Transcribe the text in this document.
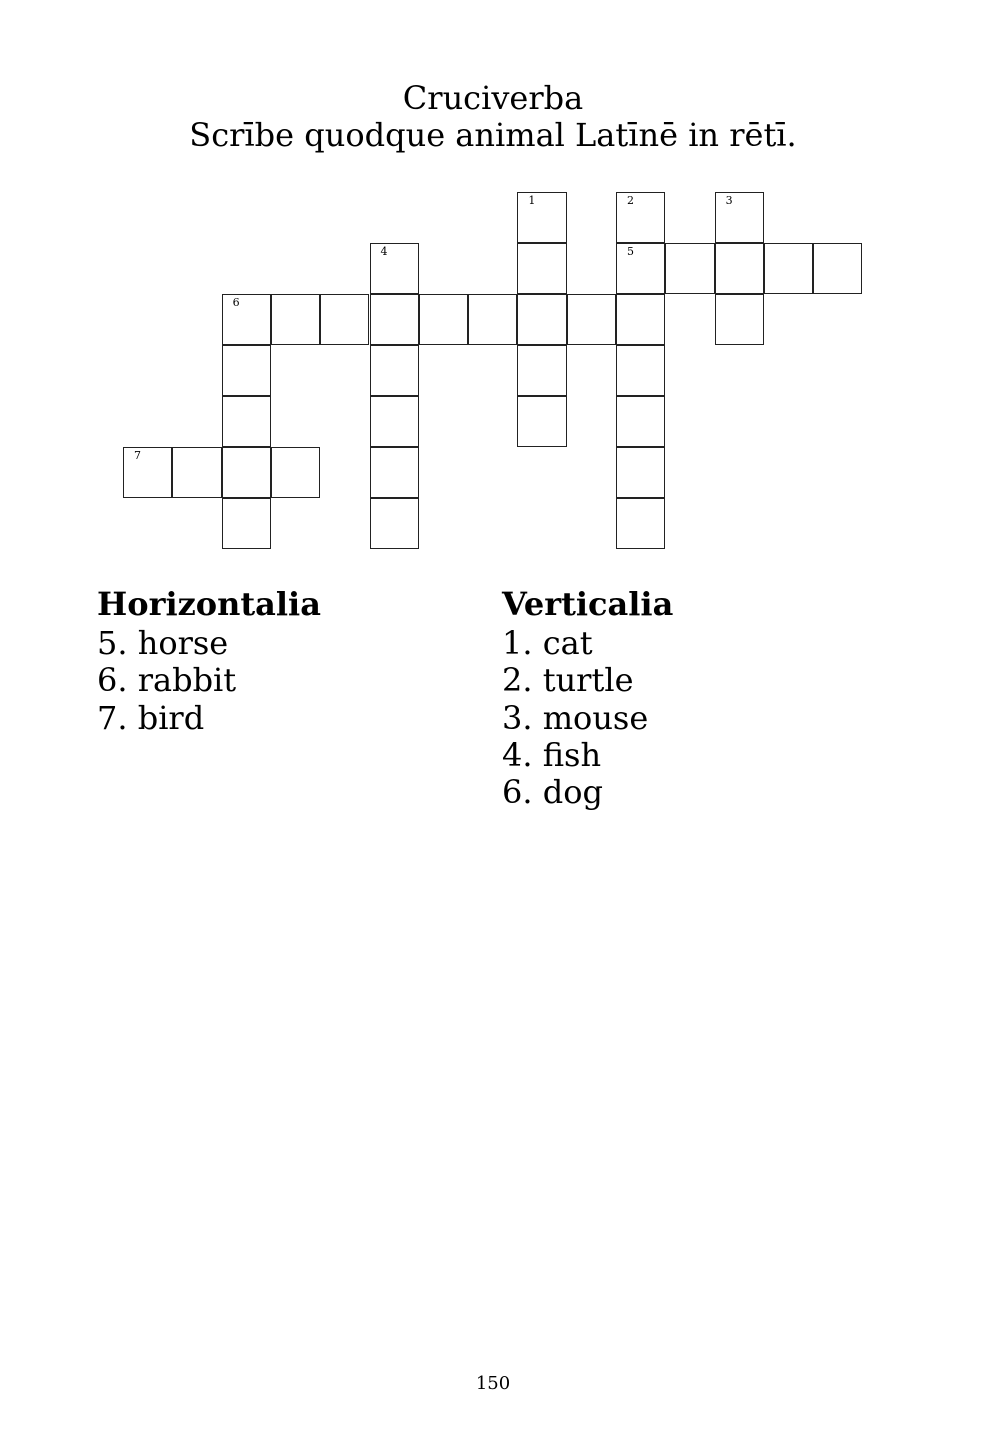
Cruciverba
Scrībe quodque animal Latīnē in rētī.
1	2	3
4	5
6
7
Horizontalia
5. horse
6. rabbit
7. bird
Verticalia
1. cat
2. turtle
3. mouse
4. fish
6. dog
150
